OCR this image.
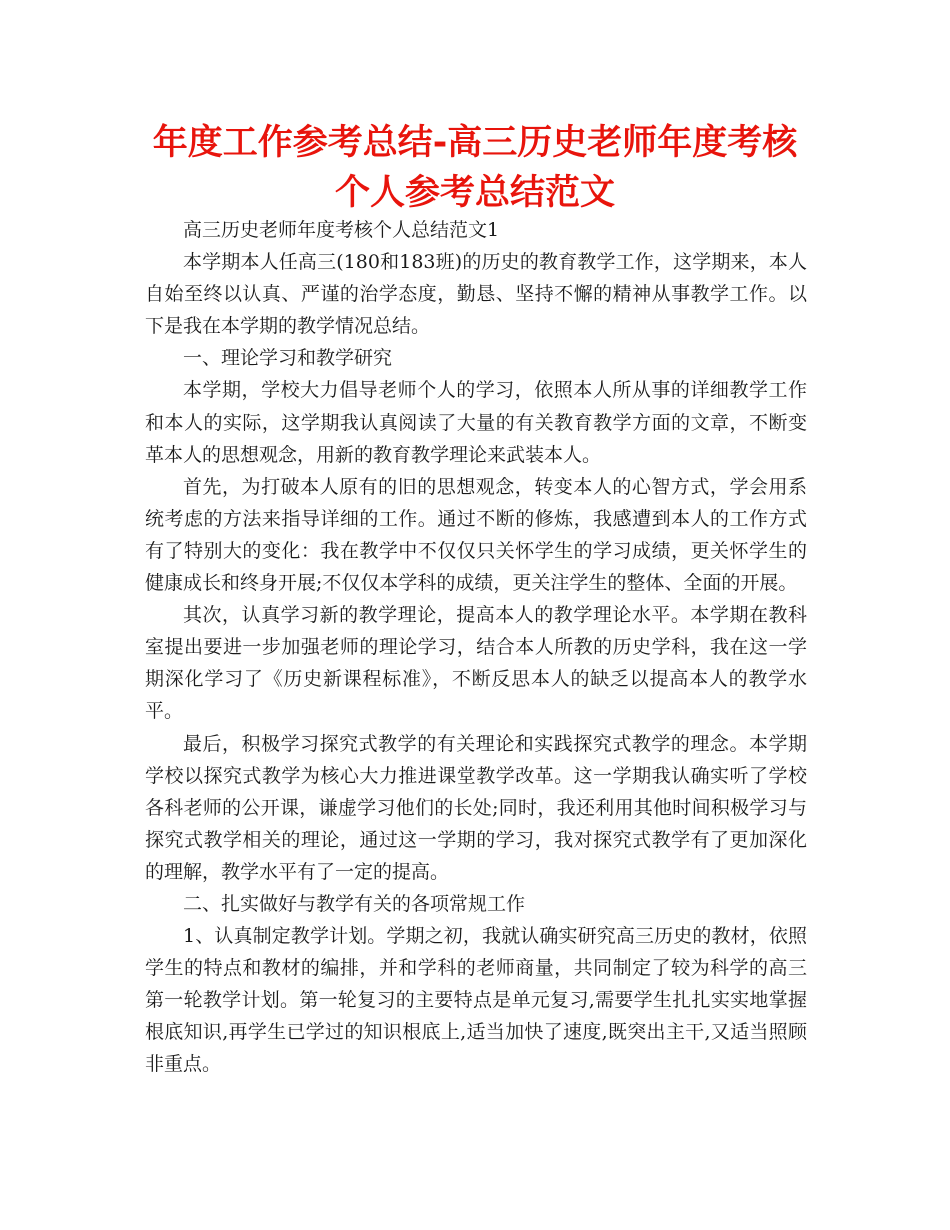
年度工作参考总结-高三历史老师年度考核个人参考总结范文

高三历史老师年度考核个人总结范文1

本学期本人任高三(180和183班)的历史的教育教学工作，这学期来，本人自始至终以认真、严谨的治学态度，勤恳、坚持不懈的精神从事教学工作。以下是我在本学期的教学情况总结。

一、理论学习和教学研究

本学期，学校大力倡导老师个人的学习，依照本人所从事的详细教学工作和本人的实际，这学期我认真阅读了大量的有关教育教学方面的文章，不断变革本人的思想观念，用新的教育教学理论来武装本人。

首先，为打破本人原有的旧的思想观念，转变本人的心智方式，学会用系统考虑的方法来指导详细的工作。通过不断的修炼，我感遭到本人的工作方式有了特别大的变化：我在教学中不仅仅只关怀学生的学习成绩，更关怀学生的健康成长和终身开展;不仅仅本学科的成绩，更关注学生的整体、全面的开展。

其次，认真学习新的教学理论，提高本人的教学理论水平。本学期在教科室提出要进一步加强老师的理论学习，结合本人所教的历史学科，我在这一学期深化学习了《历史新课程标准》，不断反思本人的缺乏以提高本人的教学水平。

最后，积极学习探究式教学的有关理论和实践探究式教学的理念。本学期学校以探究式教学为核心大力推进课堂教学改革。这一学期我认确实听了学校各科老师的公开课，谦虚学习他们的长处;同时，我还利用其他时间积极学习与探究式教学相关的理论，通过这一学期的学习，我对探究式教学有了更加深化的理解，教学水平有了一定的提高。

二、扎实做好与教学有关的各项常规工作

1、认真制定教学计划。学期之初，我就认确实研究高三历史的教材，依照学生的特点和教材的编排，并和学科的老师商量，共同制定了较为科学的高三第一轮教学计划。第一轮复习的主要特点是单元复习,需要学生扎扎实实地掌握根底知识,再学生已学过的知识根底上,适当加快了速度,既突出主干,又适当照顾非重点。
